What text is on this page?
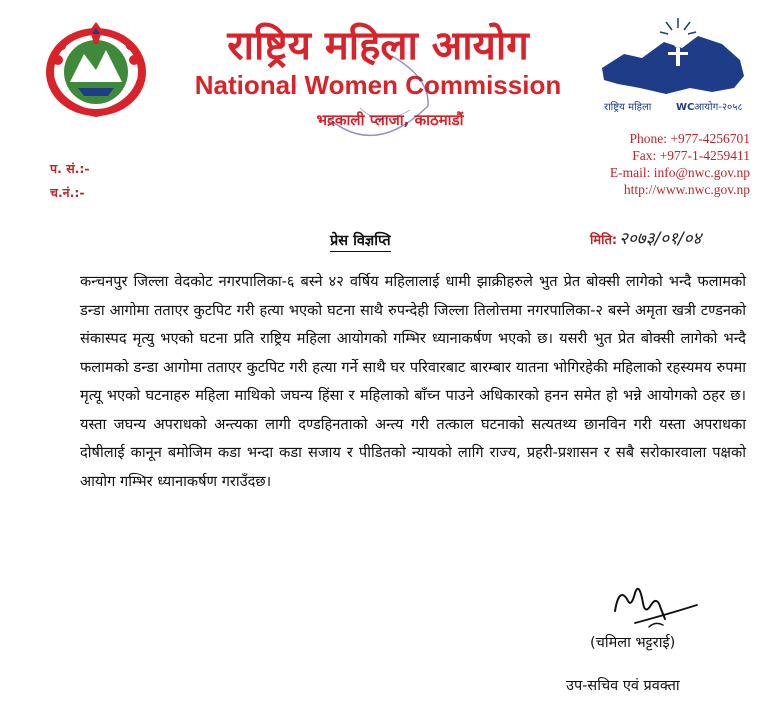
राष्ट्रिय महिला आयोग
National Women Commission
भद्रकाली प्लाजा, काठमाडौं
राष्ट्रिय महिला WC आयोग-२०५८
Phone: +977-4256701
Fax: +977-1-4259411
E-mail: info@nwc.gov.np
http://www.nwc.gov.np
प. सं.:-
च.नं.:-
प्रेस विज्ञप्ति	मिति: २०७३/०१/०४
कन्चनपुर जिल्ला वेदकोट नगरपालिका-६ बस्ने ४२ वर्षिय महिलालाई धामी झाक्रीहरुले भुत प्रेत बोक्सी लागेको भन्दै फलामको डन्डा आगोमा तताएर कुटपिट गरी हत्या भएको घटना साथै रुपन्देही जिल्ला तिलोत्तमा नगरपालिका-२ बस्ने अमृता खत्री टण्डनको संकास्पद मृत्यु भएको घटना प्रति राष्ट्रिय महिला आयोगको गम्भिर ध्यानाकर्षण भएको छ। यसरी भुत प्रेत बोक्सी लागेको भन्दै फलामको डन्डा आगोमा तताएर कुटपिट गरी हत्या गर्ने साथै घर परिवारबाट बारम्बार यातना भोगिरहेकी महिलाको रहस्यमय रुपमा मृत्यू भएको घटनाहरु महिला माथिको जघन्य हिंसा र महिलाको बाँच्न पाउने अधिकारको हनन समेत हो भन्ने आयोगको ठहर छ। यस्ता जघन्य अपराधको अन्त्यका लागी दण्डहिनताको अन्त्य गरी तत्काल घटनाको सत्यतथ्य छानविन गरी यस्ता अपराधका दोषीलाई कानून बमोजिम कडा भन्दा कडा सजाय र पीडितको न्यायको लागि राज्य, प्रहरी-प्रशासन र सबै सरोकारवाला पक्षको आयोग गम्भिर ध्यानाकर्षण गराउँदछ।
(चमिला भट्टराई)
उप-सचिव एवं प्रवक्ता
